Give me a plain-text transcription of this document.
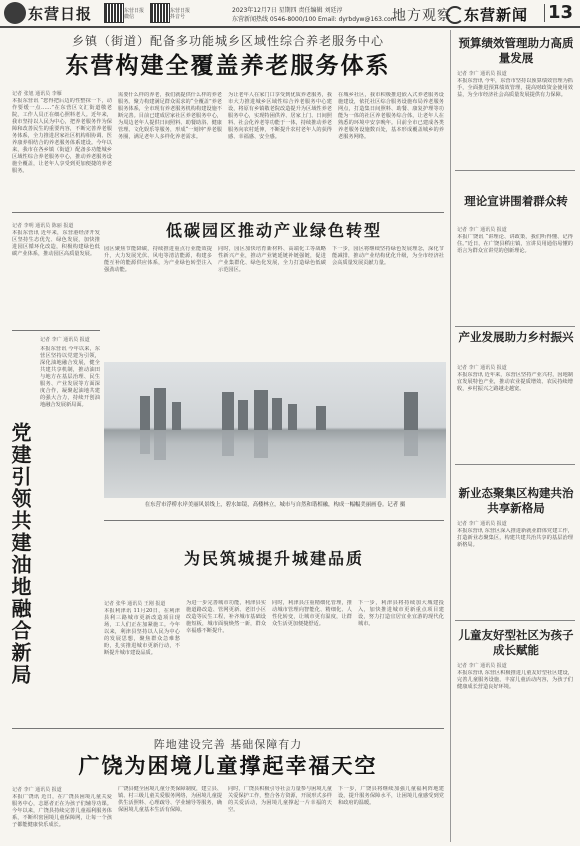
东营日报	东营日报 微信
东营日报 抖音号
2023年12月7日 星期四 责任编辑 刘廷淳
东营新闻热线 0546-8000/100 Email: dyrbdyw@163.com
地方观察 东营新闻 13
乡镇（街道）配备多功能城乡区域性综合养老服务中心
东营构建全覆盖养老服务体系
记者 张旭 通讯员 李雁
本报东营讯 “您得把后边的性整抹一下，动作要缓一点……”在东营区文汇街道敬老院，工作人员正在细心照料老人。近年来，我市坚持以人民为中心，把养老服务作为保障和改善民生的重要内容，不断完善养老服务体系，全力推进居家社区机构相协调、医养康养相结合的养老服务体系建设。今年以来，我市在各乡镇（街道）配备多功能城乡区域性综合养老服务中心，推动养老服务设施全覆盖，让老年人享受到更加便捷的养老服务。
需要什么样的养老，我们就提供什么样的养老服务。聚力构建满足群众需求的“全覆盖”养老服务体系，全市现有养老服务机构构建设施不断完善。目前已建成居家社区养老服务中心，为周边老年人提供日间照料、助餐助浴、健康管理、文化娱乐等服务，形成“一刻钟”养老服务圈，满足老年人多样化养老需求。
为让老年人在家门口享受到优质养老服务，我市大力推进城乡区域性综合养老服务中心建设，将原有乡镇敬老院改造提升为区域性养老服务中心，实现特困供养、居家上门、日间照料、社会化养老等功能于一体，持续推动养老服务向农村延伸，不断提升农村老年人的获得感、幸福感、安全感。
在城乡社区，我市积极推进嵌入式养老服务设施建设，依托社区综合服务设施布局养老服务网点，打造集日间照料、助餐、康复护理等功能为一体的社区养老服务综合体，让老年人在熟悉的环境中安享晚年。目前全市已建成各类养老服务设施数百处，基本形成覆盖城乡的养老服务网络。
低碳园区推动产业绿色转型
记者 李明 通讯员 陈丽 报道
本报东营讯 近年来，东营港经济开发区坚持生态优先、绿色发展，加快推进园区循环化改造，积极构建绿色低碳产业体系，推动园区高质量发展。
园区聚焦节能降碳，持续推进重点行业能效提升，大力发展光伏、风电等清洁能源，构建多能互补的能源供应体系，为产业绿色转型注入强劲动能。
同时，园区加快培育新材料、高端化工等战略性新兴产业，推动产业链延链补链强链，促进产业集群化、绿色化发展，全力打造绿色低碳示范园区。
下一步，园区将继续坚持绿色发展理念，深化节能减排，推动产业结构优化升级，为全市经济社会高质量发展贡献力量。
记者 李广 通讯员 报道
党建引领共建油地融合新局
本报东营讯 今年以来，东营区坚持以党建为引领，深化油地融合发展，健全共建共享机制，推动油田与地方在基层治理、民生服务、产业发展等方面深度合作，凝聚起油地共建的强大合力，持续开创油地融合发展新局面。
在东营市浮桥水岸美丽风景线上，碧水如镜，高楼林立，城市与自然和谐相融，构成一幅幅美丽画卷。记者 摄
为民筑城提升城建品质
记者 张华 通讯员 王刚 报道
本报利津讯 11月20日，在利津县利三路城市更新改造项目现场，工人们正在加紧施工。今年以来，利津县坚持以人民为中心的发展思想，聚焦群众急难愁盼，扎实推进城市更新行动，不断提升城市建设品质。
为进一步完善城市功能，利津县实施道路改造、管网更新、老旧小区改造等民生工程，补齐城市基础设施短板，城市面貌焕然一新，群众幸福感不断提升。
同时，利津县注重精细化管理，推动城市管理向智能化、精细化、人性化转变，让城市更有温度，让群众生活更加便捷舒适。
下一步，利津县将持续加大城建投入，加快推进城市更新重点项目建设，努力打造宜居宜业宜游的现代化城市。
阵地建设完善 基础保障有力
广饶为困境儿童撑起幸福天空
记者 李广 通讯员 报道
本报广饶讯 近日，在广饶县困境儿童关爱服务中心，志愿者正在为孩子们辅导功课。今年以来，广饶县持续完善儿童福利服务体系，不断织密困境儿童保障网，让每一个孩子都能健康快乐成长。
广饶县健全困境儿童分类保障制度，建立县、镇、村三级儿童关爱服务网络，为困境儿童提供生活照料、心理疏导、学业辅导等服务，确保困境儿童基本生活有保障。
同时，广饶县积极引导社会力量参与困境儿童关爱保护工作，整合各方资源，开展形式多样的关爱活动，为困境儿童撑起一片幸福的天空。
下一步，广饶县将继续加强儿童福利阵地建设，提升服务保障水平，让困境儿童感受到党和政府的温暖。
预算绩效管理助力高质量发展
记者 李广 通讯员 报道
本报东营讯 今年，东营市坚持以预算绩效管理为抓手，全面推进预算绩效管理，提高财政资金使用效益，为全市经济社会高质量发展提供有力保障。
理论宣讲围着群众转
记者 李广 通讯员 报道
本报广饶讯 “讲理论、讲政策，我们听得懂、记得住。”近日，在广饶县稻庄镇，宣讲员用通俗易懂的语言为群众宣讲党的创新理论。
产业发展助力乡村振兴
记者 李广 通讯员 报道
本报东营讯 近年来，东营区坚持产业兴村，因地制宜发展特色产业，推动农业提质增效、农民持续增收，乡村振兴之路越走越宽。
新业态聚集区构建共治共享新格局
记者 李广 通讯员 报道
本报东营讯 东营区深入推进新就业群体党建工作，打造新业态聚集区，构建共建共治共享的基层治理新格局。
儿童友好型社区为孩子成长赋能
记者 李广 通讯员 报道
本报东营讯 东营区积极推进儿童友好型社区建设，完善儿童服务设施，丰富儿童活动内容，为孩子们健康成长营造良好环境。
